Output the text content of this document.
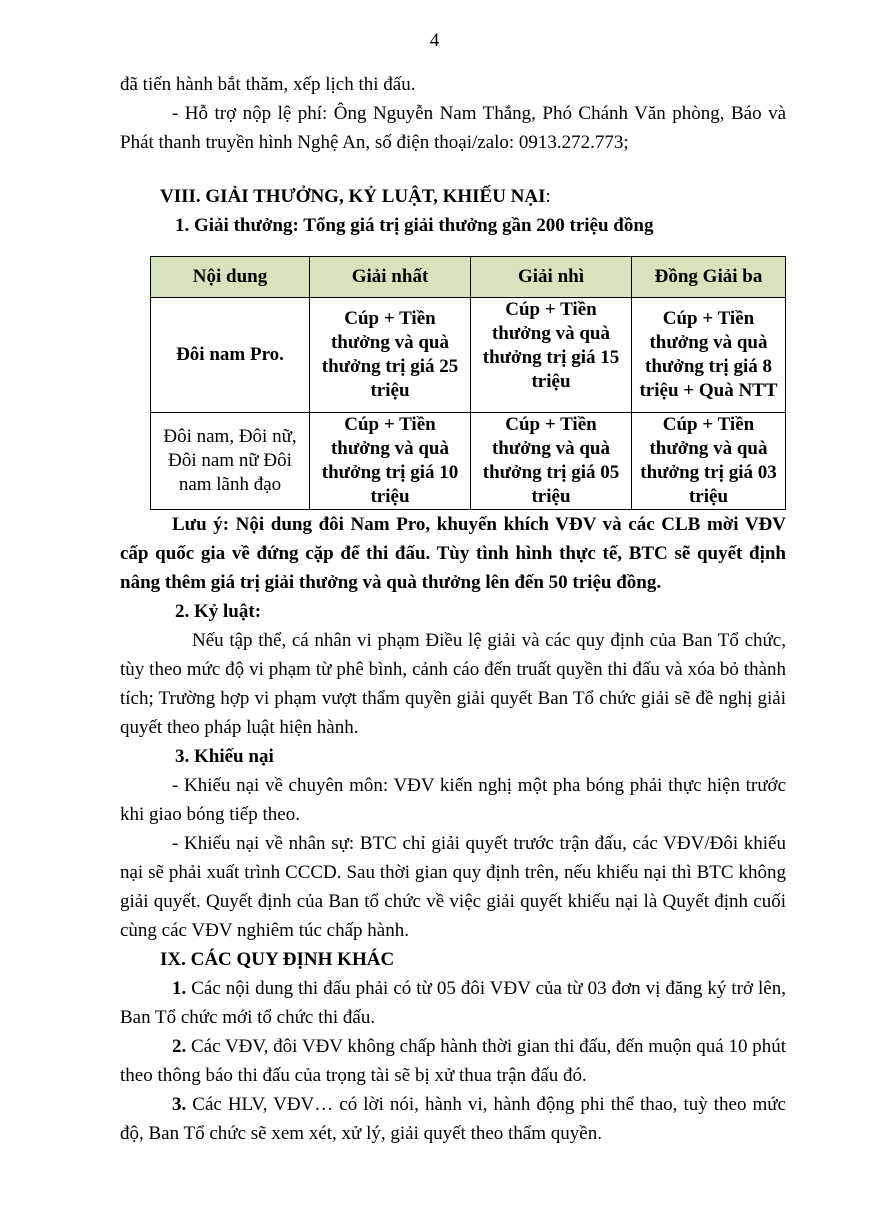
4

đã tiến hành bắt thăm, xếp lịch thi đấu.

- Hỗ trợ nộp lệ phí: Ông Nguyễn Nam Thắng, Phó Chánh Văn phòng, Báo và Phát thanh truyền hình Nghệ An, số điện thoại/zalo: 0913.272.773;

VIII. GIẢI THƯỞNG, KỶ LUẬT, KHIẾU NẠI:

1. Giải thưởng: Tổng giá trị giải thưởng gần 200 triệu đồng

Nội dung	Giải nhất	Giải nhì	Đồng Giải ba
Đôi nam Pro.	Cúp + Tiền thưởng và quà thưởng trị giá 25 triệu	Cúp + Tiền thưởng và quà thưởng trị giá 15 triệu	Cúp + Tiền thưởng và quà thưởng trị giá 8 triệu + Quà NTT
Đôi nam, Đôi nữ, Đôi nam nữ Đôi nam lãnh đạo	Cúp + Tiền thưởng và quà thưởng trị giá 10 triệu	Cúp + Tiền thưởng và quà thưởng trị giá 05 triệu	Cúp + Tiền thưởng và quà thưởng trị giá 03 triệu

Lưu ý: Nội dung đôi Nam Pro, khuyến khích VĐV và các CLB mời VĐV cấp quốc gia về đứng cặp để thi đấu. Tùy tình hình thực tế, BTC sẽ quyết định nâng thêm giá trị giải thưởng và quà thưởng lên đến 50 triệu đồng.

2. Kỷ luật:

Nếu tập thể, cá nhân vi phạm Điều lệ giải và các quy định của Ban Tổ chức, tùy theo mức độ vi phạm từ phê bình, cảnh cáo đến truất quyền thi đấu và xóa bỏ thành tích; Trường hợp vi phạm vượt thẩm quyền giải quyết Ban Tổ chức giải sẽ đề nghị giải quyết theo pháp luật hiện hành.

3. Khiếu nại

- Khiếu nại về chuyên môn: VĐV kiến nghị một pha bóng phải thực hiện trước khi giao bóng tiếp theo.

- Khiếu nại về nhân sự: BTC chỉ giải quyết trước trận đấu, các VĐV/Đôi khiếu nại sẽ phải xuất trình CCCD. Sau thời gian quy định trên, nếu khiếu nại thì BTC không giải quyết. Quyết định của Ban tổ chức về việc giải quyết khiếu nại là Quyết định cuối cùng các VĐV nghiêm túc chấp hành.

IX. CÁC QUY ĐỊNH KHÁC

1. Các nội dung thi đấu phải có từ 05 đôi VĐV của từ 03 đơn vị đăng ký trở lên, Ban Tổ chức mới tổ chức thi đấu.

2. Các VĐV, đôi VĐV không chấp hành thời gian thi đấu, đến muộn quá 10 phút theo thông báo thi đấu của trọng tài sẽ bị xử thua trận đấu đó.

3. Các HLV, VĐV… có lời nói, hành vi, hành động phi thể thao, tuỳ theo mức độ, Ban Tổ chức sẽ xem xét, xử lý, giải quyết theo thẩm quyền.
